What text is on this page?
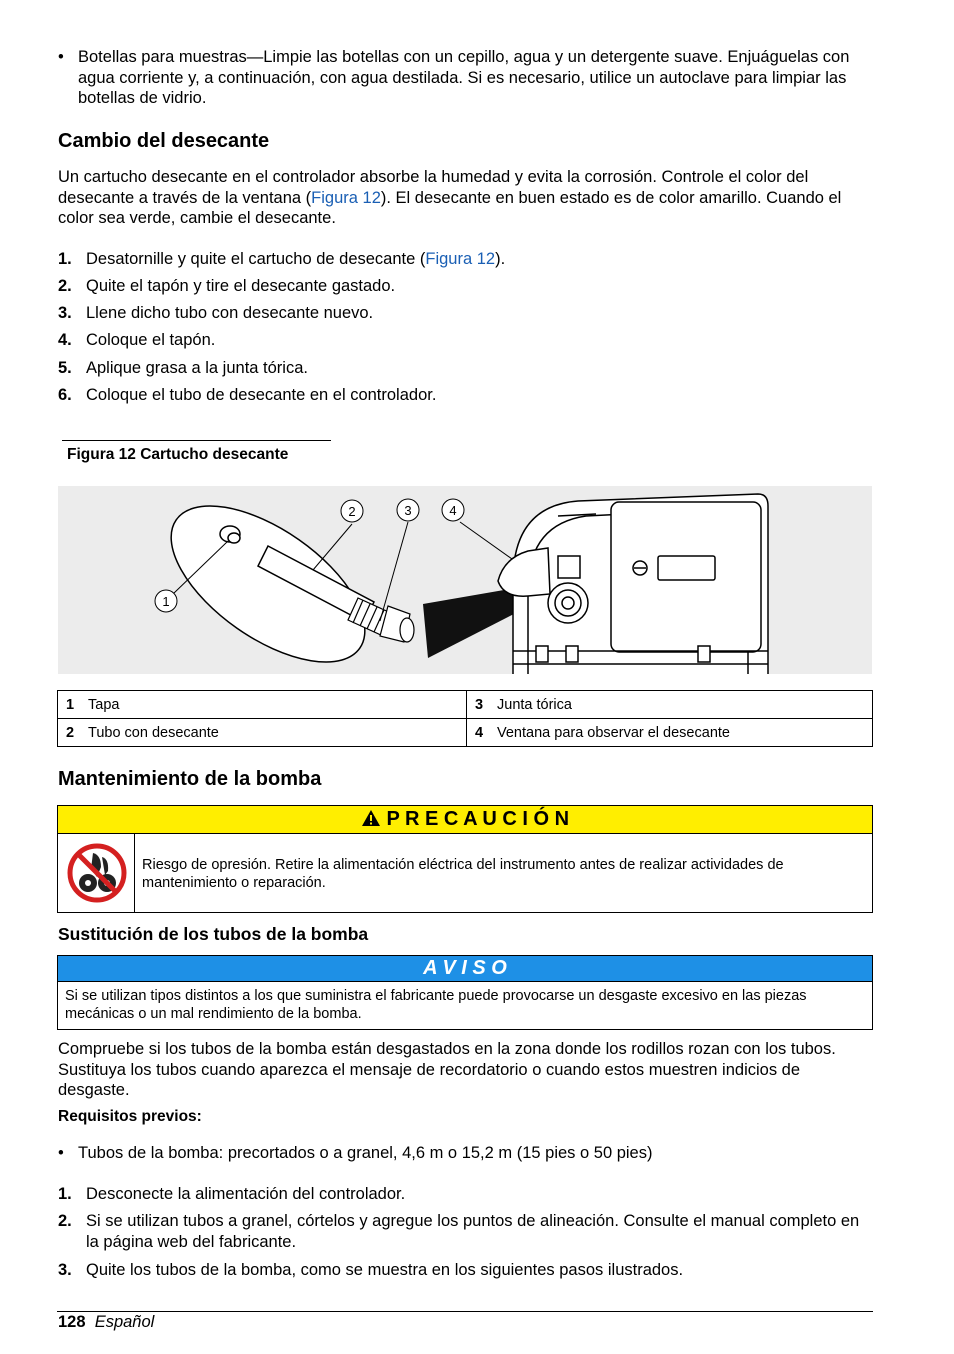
• Botellas para muestras—Limpie las botellas con un cepillo, agua y un detergente suave. Enjuáguelas con agua corriente y, a continuación, con agua destilada. Si es necesario, utilice un autoclave para limpiar las botellas de vidrio.
Cambio del desecante
Un cartucho desecante en el controlador absorbe la humedad y evita la corrosión. Controle el color del desecante a través de la ventana (Figura 12). El desecante en buen estado es de color amarillo. Cuando el color sea verde, cambie el desecante.
1. Desatornille y quite el cartucho de desecante (Figura 12).
2. Quite el tapón y tire el desecante gastado.
3. Llene dicho tubo con desecante nuevo.
4. Coloque el tapón.
5. Aplique grasa a la junta tórica.
6. Coloque el tubo de desecante en el controlador.
Figura 12 Cartucho desecante
1
2	3	4
1 Tapa	3 Junta tórica
2 Tubo con desecante	4 Ventana para observar el desecante
Mantenimiento de la bomba
P R E C A U C I Ó N
Riesgo de opresión. Retire la alimentación eléctrica del instrumento antes de realizar actividades de mantenimiento o reparación.
Sustitución de los tubos de la bomba
A V I S O
Si se utilizan tipos distintos a los que suministra el fabricante puede provocarse un desgaste excesivo en las piezas mecánicas o un mal rendimiento de la bomba.
Compruebe si los tubos de la bomba están desgastados en la zona donde los rodillos rozan con los tubos. Sustituya los tubos cuando aparezca el mensaje de recordatorio o cuando estos muestren indicios de desgaste.
Requisitos previos:
• Tubos de la bomba: precortados o a granel, 4,6 m o 15,2 m (15 pies o 50 pies)
1. Desconecte la alimentación del controlador.
2. Si se utilizan tubos a granel, córtelos y agregue los puntos de alineación. Consulte el manual completo en la página web del fabricante.
3. Quite los tubos de la bomba, como se muestra en los siguientes pasos ilustrados.
128 Español
